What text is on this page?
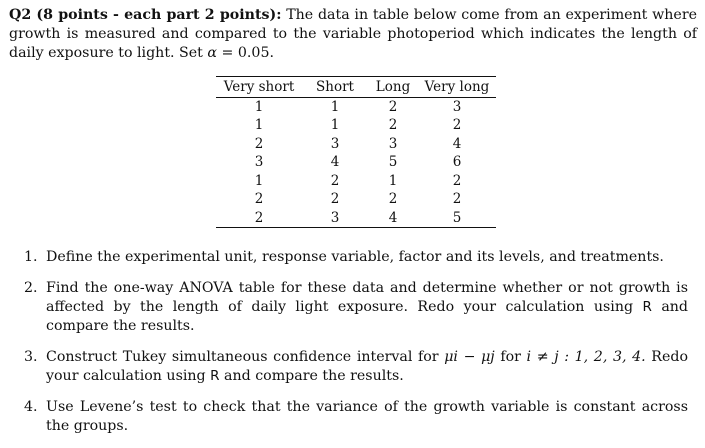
Q2 (8 points - each part 2 points): The data in table below come from an experiment where growth is measured and compared to the variable photoperiod which indicates the length of daily exposure to light. Set α = 0.05.

Very short	Short	Long	Very long
1	1	2	3
1	1	2	2
2	3	3	4
3	4	5	6
1	2	1	2
2	2	2	2
2	3	4	5
1. Define the experimental unit, response variable, factor and its levels, and treatments.
2. Find the one-way ANOVA table for these data and determine whether or not growth is affected by the length of daily light exposure. Redo your calculation using R and compare the results.
3. Construct Tukey simultaneous confidence interval for μi − μj for i ≠ j : 1, 2, 3, 4. Redo your calculation using R and compare the results.
4. Use Levene’s test to check that the variance of the growth variable is constant across the groups.
